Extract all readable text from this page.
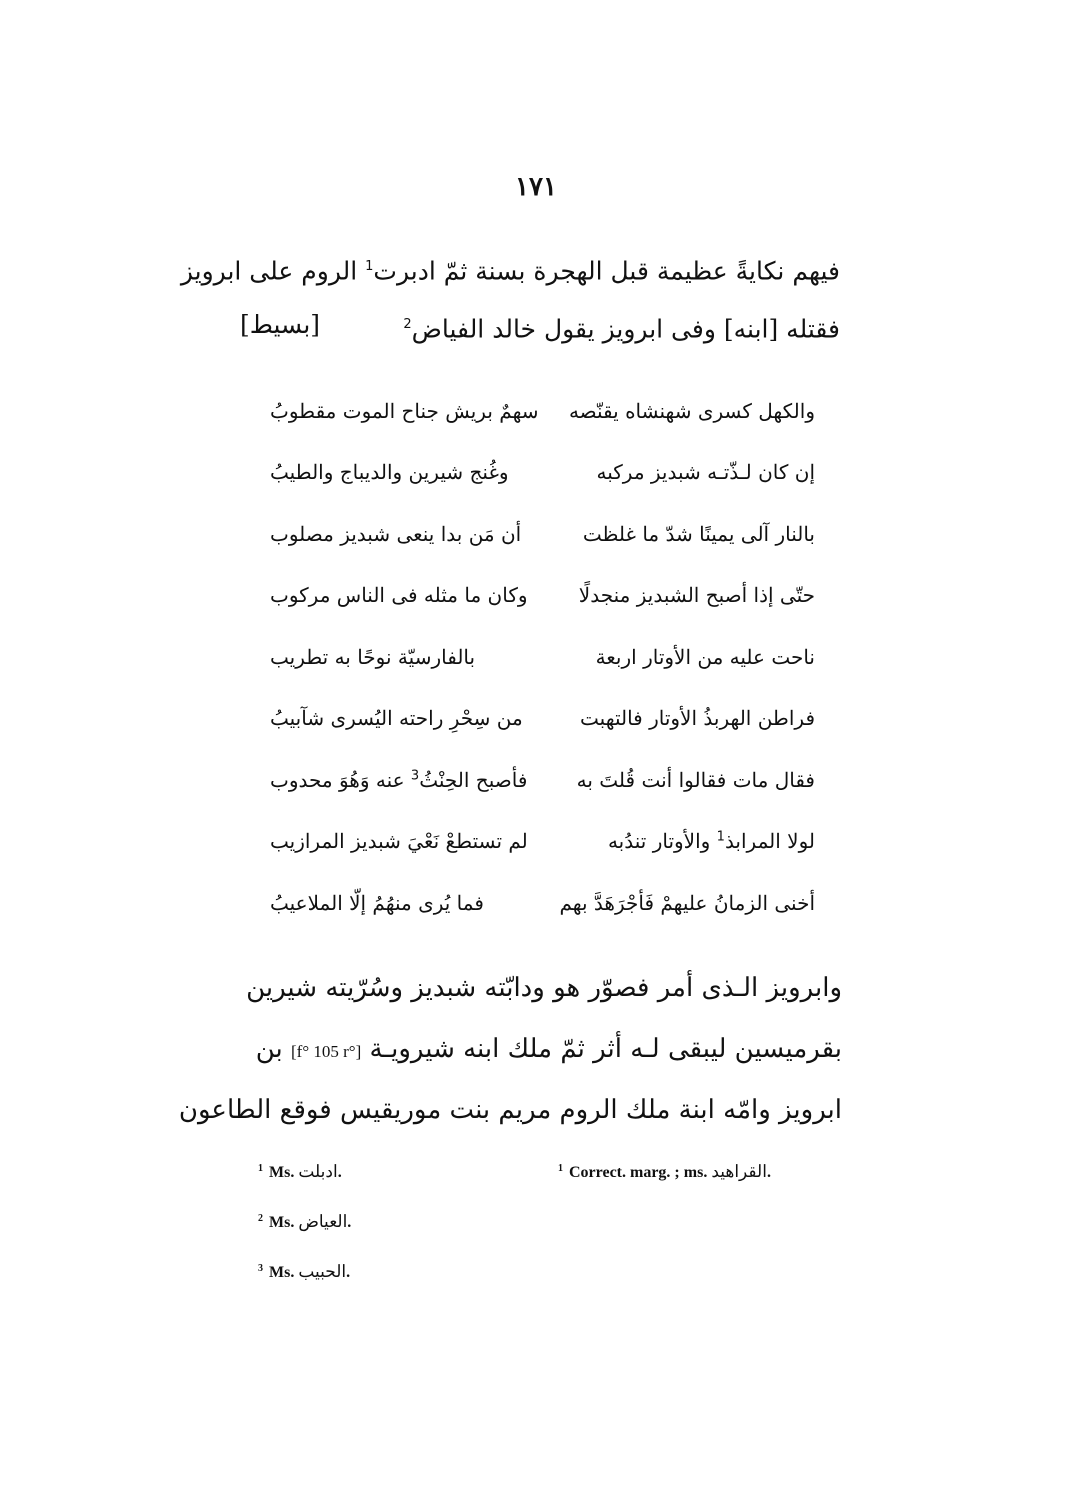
١٧١
فيهم نكايةً عظيمة قبل الهجرة بسنة ثمّ ادبرت$^1$ الروم على ابرويز
فقتله [ابنه] وفى ابرويز يقول خالد الفياض$^2$
[بسيط]
والكهل كسرى شهنشاه يقنّصه
سهمٌ بريش جناح الموت مقطوبُ
إن كان لـذّتـه شبديز مركبه
وغُنج شيرين والديباج والطيبُ
بالنار آلى يمينًا شدّ ما غلظت
أن مَن بدا ينعى شبديز مصلوب
حتّى إذا أصبح الشبديز منجدلًا
وكان ما مثله فى الناس مركوب
ناحت عليه من الأوتار اربعة
بالفارسيّة نوحًا به تطريب
فراطن الهربذُ الأوتار فالتهبت
من سِحْرِ راحته اليُسرى شآبيبُ
فقال مات فقالوا أنت قُلتَ به
فأصبح الحِنْثُ$^3$ عنه وَهُوَ محدوب
لولا المرابذ$^1$ والأوتار تندُبه
لم تستطعْ نَعْيَ شبديز المرازيب
أخنى الزمانُ عليهمْ فَأجْرَهَدَّ بهم
فما يُرى منهُمُ إلّا الملاعيبُ
وابرويز الـذى أمر فصوّر هو ودابّته شبديز وسُرّيته شيرين
بقرميسين ليبقى لـه أثر ثمّ ملك ابنه شيرويـة [f° 105 r°] بن
ابرويز وامّه ابنة ملك الروم مريم بنت موريقيس فوقع الطاعون
$^1$ Ms. ادبلت.
$^2$ Ms. العياض.
$^3$ Ms. الحبيب.
$^1$ Correct. marg. ; ms. القراهيد.
